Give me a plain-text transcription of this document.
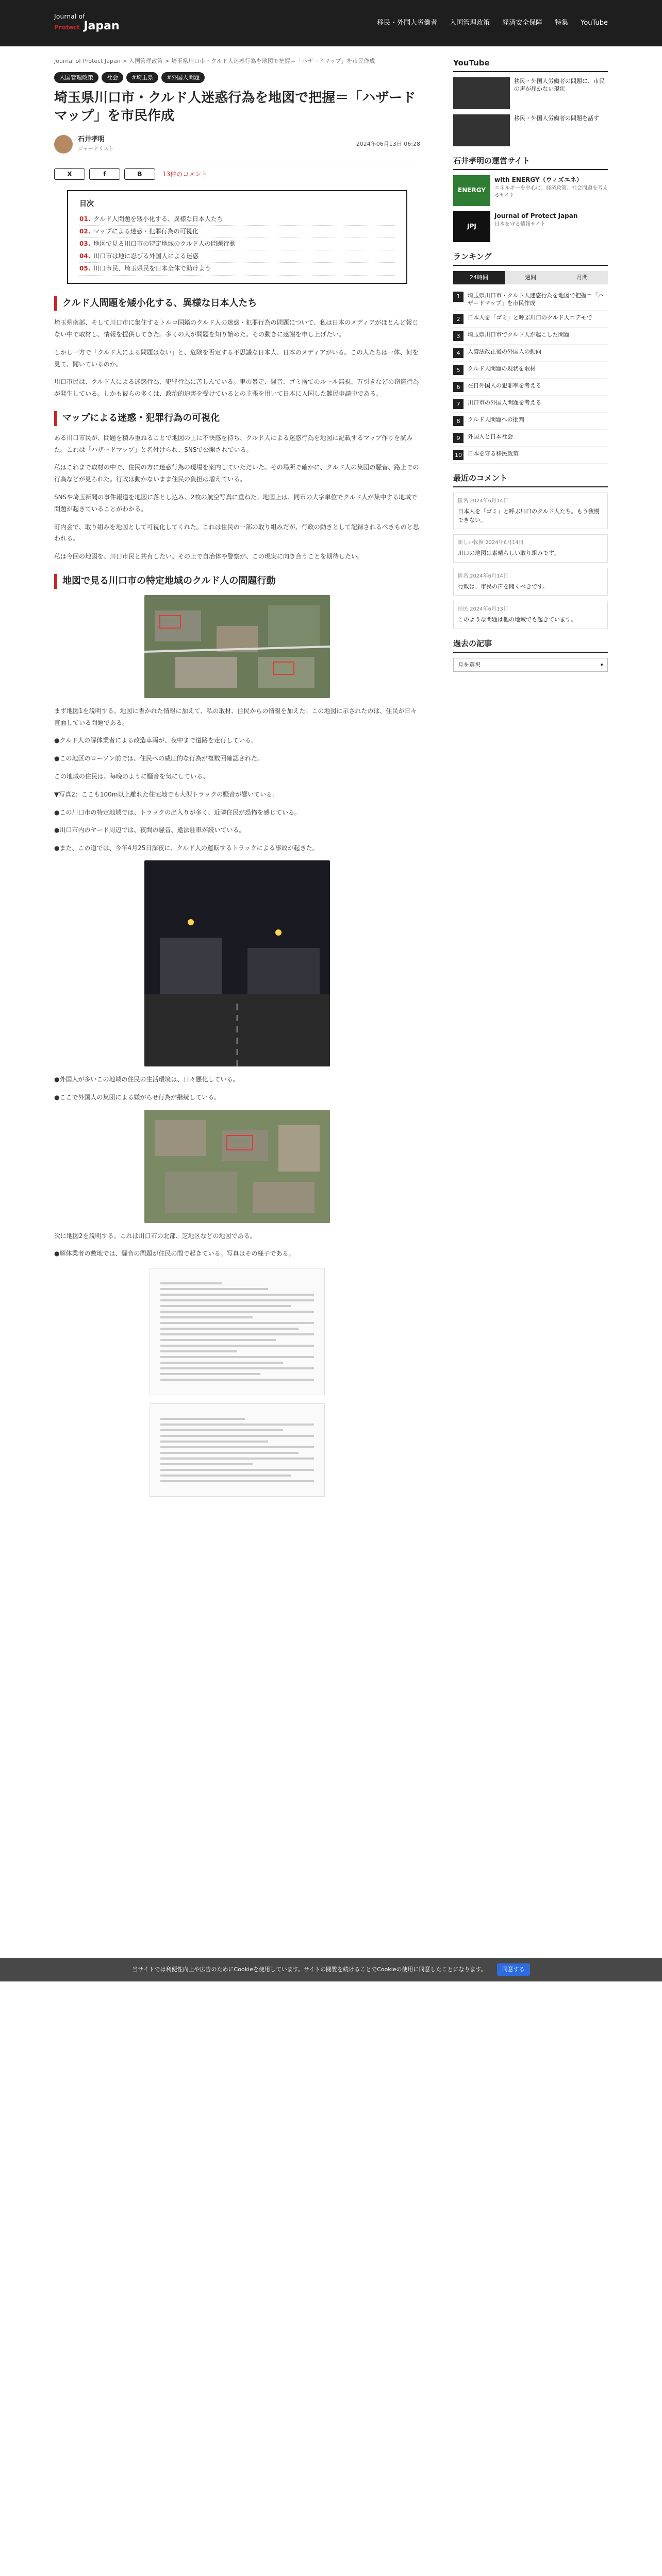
Journal of
Protect Japan	移民・外国人労働者 入国管理政策 経済安全保障 特集 YouTube
Journal of Protect Japan > 入国管理政策 > 埼玉県川口市・クルド人迷惑行為を地図で把握＝「ハザードマップ」を市民作成
入国管理政策	社会	#埼玉県	#外国人問題
埼玉県川口市・クルド人迷惑行為を地図で把握＝「ハザードマップ」を市民作成
石井孝明
ジャーナリスト
2024年06月13日 06:28
X	f	B	13件のコメント
目次
01. クルド人問題を矮小化する、異様な日本人たち
02. マップによる迷惑・犯罪行為の可視化
03. 地図で見る川口市の特定地域のクルド人の問題行動
04. 川口市は地に忍びる外国人による迷惑
05. 川口市民、埼玉県民を日本全体で助けよう
クルド人問題を矮小化する、異様な日本人たち

埼玉県南部、そして川口市に集住するトルコ国籍のクルド人の迷惑・犯罪行為の問題について、私は日本のメディアがほとんど報じない中で取材し、情報を提供してきた。多くの人が問題を知り始めた。その動きに感謝を申し上げたい。

しかし一方で「クルド人による問題はない」と、危険を否定する不思議な日本人、日本のメディアがいる。この人たちは一体、何を見て、聞いているのか。

川口市民は、クルド人による迷惑行為、犯罪行為に苦しんでいる。車の暴走、騒音、ゴミ捨てのルール無視、万引きなどの窃盗行為が発生している。しかも彼らの多くは、政治的迫害を受けているとの主張を用いて日本に入国した難民申請中である。

マップによる迷惑・犯罪行為の可視化

ある川口市民が、問題を積み重ねることで地図の上に不快感を持ち、クルド人による迷惑行為を地図に記載するマップ作りを試みた。これは「ハザードマップ」と名付けられ、SNSで公開されている。

私はこれまで取材の中で、住民の方に迷惑行為の現場を案内していただいた。その場所で確かに、クルド人の集団の騒音、路上での行為などが見られた。行政は動かないまま住民の負担は増えている。

SNSや埼玉新聞の事件報道を地図に落とし込み、2枚の航空写真に重ねた。地図上は、同市の大字単位でクルド人が集中する地域で問題が起きていることがわかる。

町内会で、取り組みを地図として可視化してくれた。これは住民の一部の取り組みだが、行政の動きとして記録されるべきものと思われる。

私は今回の地図を、川口市民と共有したい。その上で自治体や警察が、この現実に向き合うことを期待したい。

地図で見る川口市の特定地域のクルド人の問題行動

まず地図1を説明する。地図に書かれた情報に加えて、私の取材、住民からの情報を加えた。この地図に示されたのは、住民が日々直面している問題である。

●クルド人の解体業者による改造車両が、夜中まで道路を走行している。

●この地区のローソン前では、住民への威圧的な行為が複数回確認された。

この地域の住民は、毎晩のように騒音を気にしている。

▼写真2：ここも100m以上離れた住宅地でも大型トラックの騒音が響いている。

●この川口市の特定地域では、トラックの出入りが多く、近隣住民が恐怖を感じている。

●川口市内のヤード周辺では、夜間の騒音、違法駐車が続いている。

●また、この道では、今年4月25日深夜に、クルド人の運転するトラックによる事故が起きた。

●外国人が多いこの地域の住民の生活環境は、日々悪化している。

●ここで外国人の集団による嫌がらせ行為が継続している。

次に地図2を説明する。これは川口市の北部、芝地区などの地図である。

●解体業者の敷地では、騒音の問題が住民の間で起きている。写真はその様子である。

YouTube
移民・外国人労働者の問題に、市民の声が届かない現状
移民・外国人労働者の問題を話す
石井孝明の運営サイト
ENERGY
with ENERGY（ウィズエネ）
エネルギーを中心に、経済政策、社会問題を考えるサイト
JPJ
Journal of Protect Japan
日本を守る情報サイト
ランキング
24時間	週間	月間
1	埼玉県川口市・クルド人迷惑行為を地図で把握＝「ハザードマップ」を市民作成
2	日本人を「ゴミ」と呼ぶ川口のクルド人＝デモで
3	埼玉県川口市でクルド人が起こした問題
4	入管法改正後の外国人の動向
5	クルド人問題の現状を取材
6	在日外国人の犯罪率を考える
7	川口市の外国人問題を考える
8	クルド人問題への批判
9	外国人と日本社会
10 日本を守る移民政策
最近のコメント
匿名 2024年6月14日
日本人を「ゴミ」と呼ぶ川口のクルド人たち。もう我慢できない。
新しい転換 2024年6月14日
川口の地図は素晴らしい取り組みです。
匿名 2024年6月14日
行政は、市民の声を聞くべきです。
住民 2024年6月13日
このような問題は他の地域でも起きています。
過去の記事
月を選択	▾
当サイトでは利便性向上や広告のためにCookieを使用しています。サイトの閲覧を続けることでCookieの使用に同意したことになります。	同意する
